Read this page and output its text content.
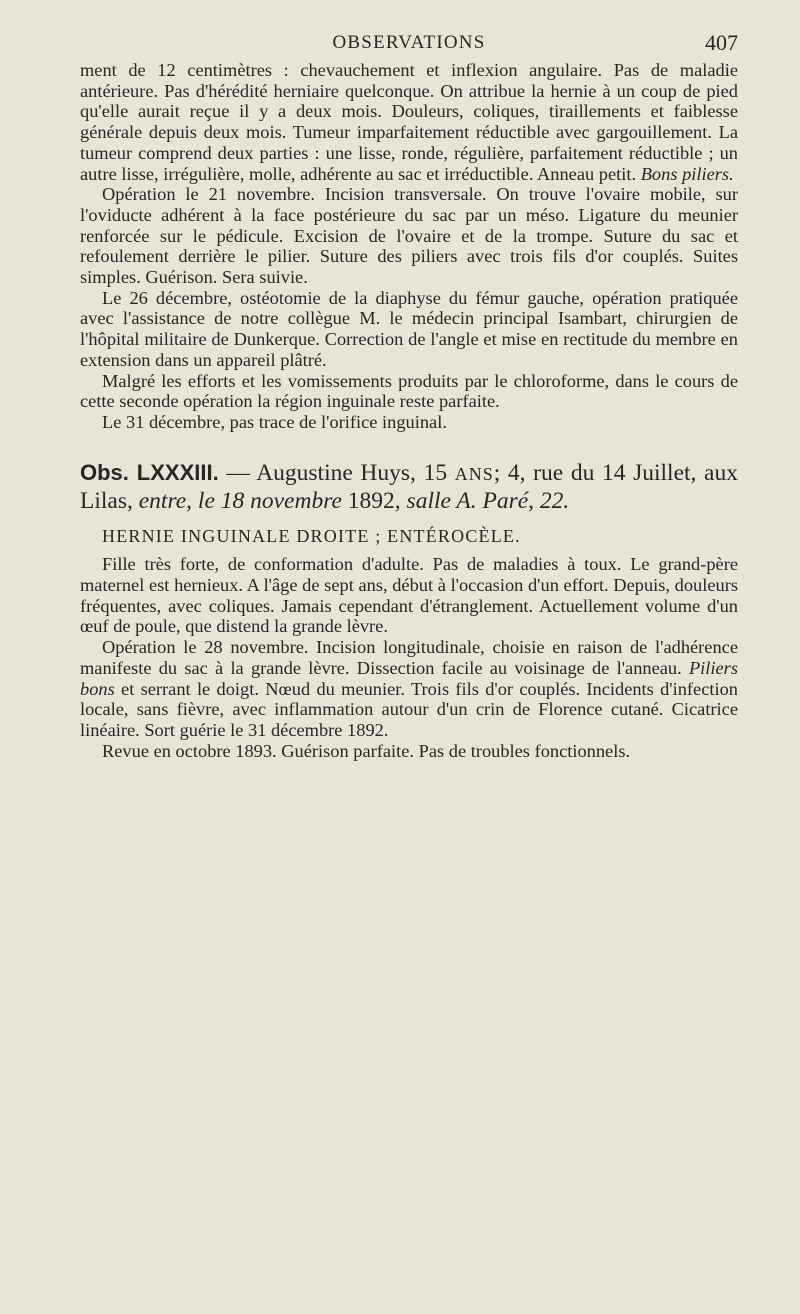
OBSERVATIONS	407

ment de 12 centimètres : chevauchement et inflexion angulaire. Pas de maladie antérieure. Pas d'hérédité herniaire quelconque. On attribue la hernie à un coup de pied qu'elle aurait reçue il y a deux mois. Douleurs, coliques, tiraillements et faiblesse générale depuis deux mois. Tumeur imparfaitement réductible avec gargouillement. La tumeur comprend deux parties : une lisse, ronde, régulière, parfaitement réductible ; un autre lisse, irrégulière, molle, adhérente au sac et irréductible. Anneau petit. Bons piliers.

Opération le 21 novembre. Incision transversale. On trouve l'ovaire mobile, sur l'oviducte adhérent à la face postérieure du sac par un méso. Ligature du meunier renforcée sur le pédicule. Excision de l'ovaire et de la trompe. Suture du sac et refoulement derrière le pilier. Suture des piliers avec trois fils d'or couplés. Suites simples. Guérison. Sera suivie.

Le 26 décembre, ostéotomie de la diaphyse du fémur gauche, opération pratiquée avec l'assistance de notre collègue M. le médecin principal Isambart, chirurgien de l'hôpital militaire de Dunkerque. Correction de l'angle et mise en rectitude du membre en extension dans un appareil plâtré.

Malgré les efforts et les vomissements produits par le chloroforme, dans le cours de cette seconde opération la région inguinale reste parfaite.

Le 31 décembre, pas trace de l'orifice inguinal.

Obs. LXXXIII. — Augustine Huys, 15 ANS; 4, rue du 14 Juillet, aux Lilas, entre, le 18 novembre 1892, salle A. Paré, 22.

HERNIE INGUINALE DROITE ; ENTÉROCÈLE.

Fille très forte, de conformation d'adulte. Pas de maladies à toux. Le grand-père maternel est hernieux. A l'âge de sept ans, début à l'occasion d'un effort. Depuis, douleurs fréquentes, avec coliques. Jamais cependant d'étranglement. Actuellement volume d'un œuf de poule, que distend la grande lèvre.

Opération le 28 novembre. Incision longitudinale, choisie en raison de l'adhérence manifeste du sac à la grande lèvre. Dissection facile au voisinage de l'anneau. Piliers bons et serrant le doigt. Nœud du meunier. Trois fils d'or couplés. Incidents d'infection locale, sans fièvre, avec inflammation autour d'un crin de Florence cutané. Cicatrice linéaire. Sort guérie le 31 décembre 1892.

Revue en octobre 1893. Guérison parfaite. Pas de troubles fonctionnels.
